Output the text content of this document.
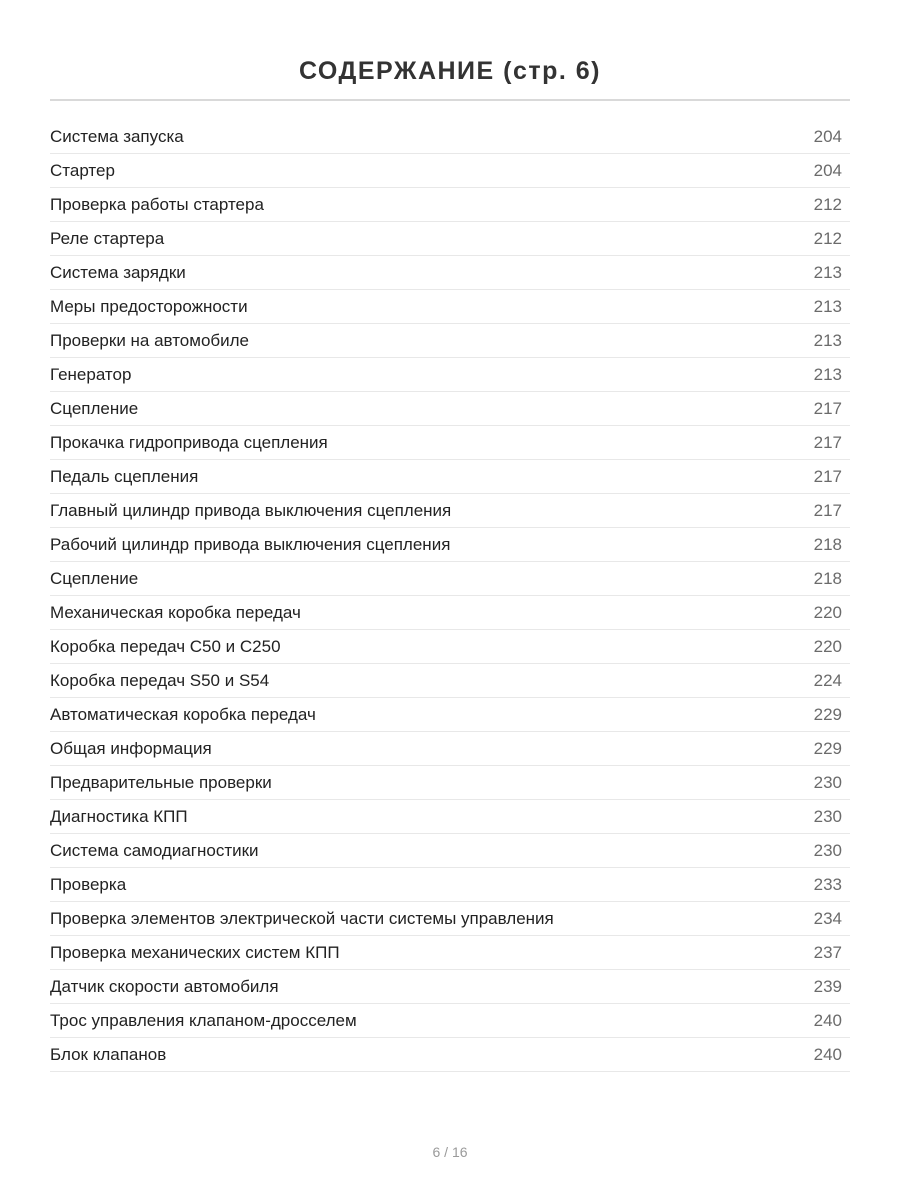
СОДЕРЖАНИЕ (стр. 6)
Система запуска	204
Стартер	204
Проверка работы стартера	212
Реле стартера	212
Система зарядки	213
Меры предосторожности	213
Проверки на автомобиле	213
Генератор	213
Сцепление	217
Прокачка гидропривода сцепления	217
Педаль сцепления	217
Главный цилиндр привода выключения сцепления	217
Рабочий цилиндр привода выключения сцепления	218
Сцепление	218
Механическая коробка передач	220
Коробка передач С50 и С250	220
Коробка передач S50 и S54	224
Автоматическая коробка передач	229
Общая информация	229
Предварительные проверки	230
Диагностика КПП	230
Система самодиагностики	230
Проверка	233
Проверка элементов электрической части системы управления	234
Проверка механических систем КПП	237
Датчик скорости автомобиля	239
Трос управления клапаном-дросселем	240
Блок клапанов	240
6 / 16
